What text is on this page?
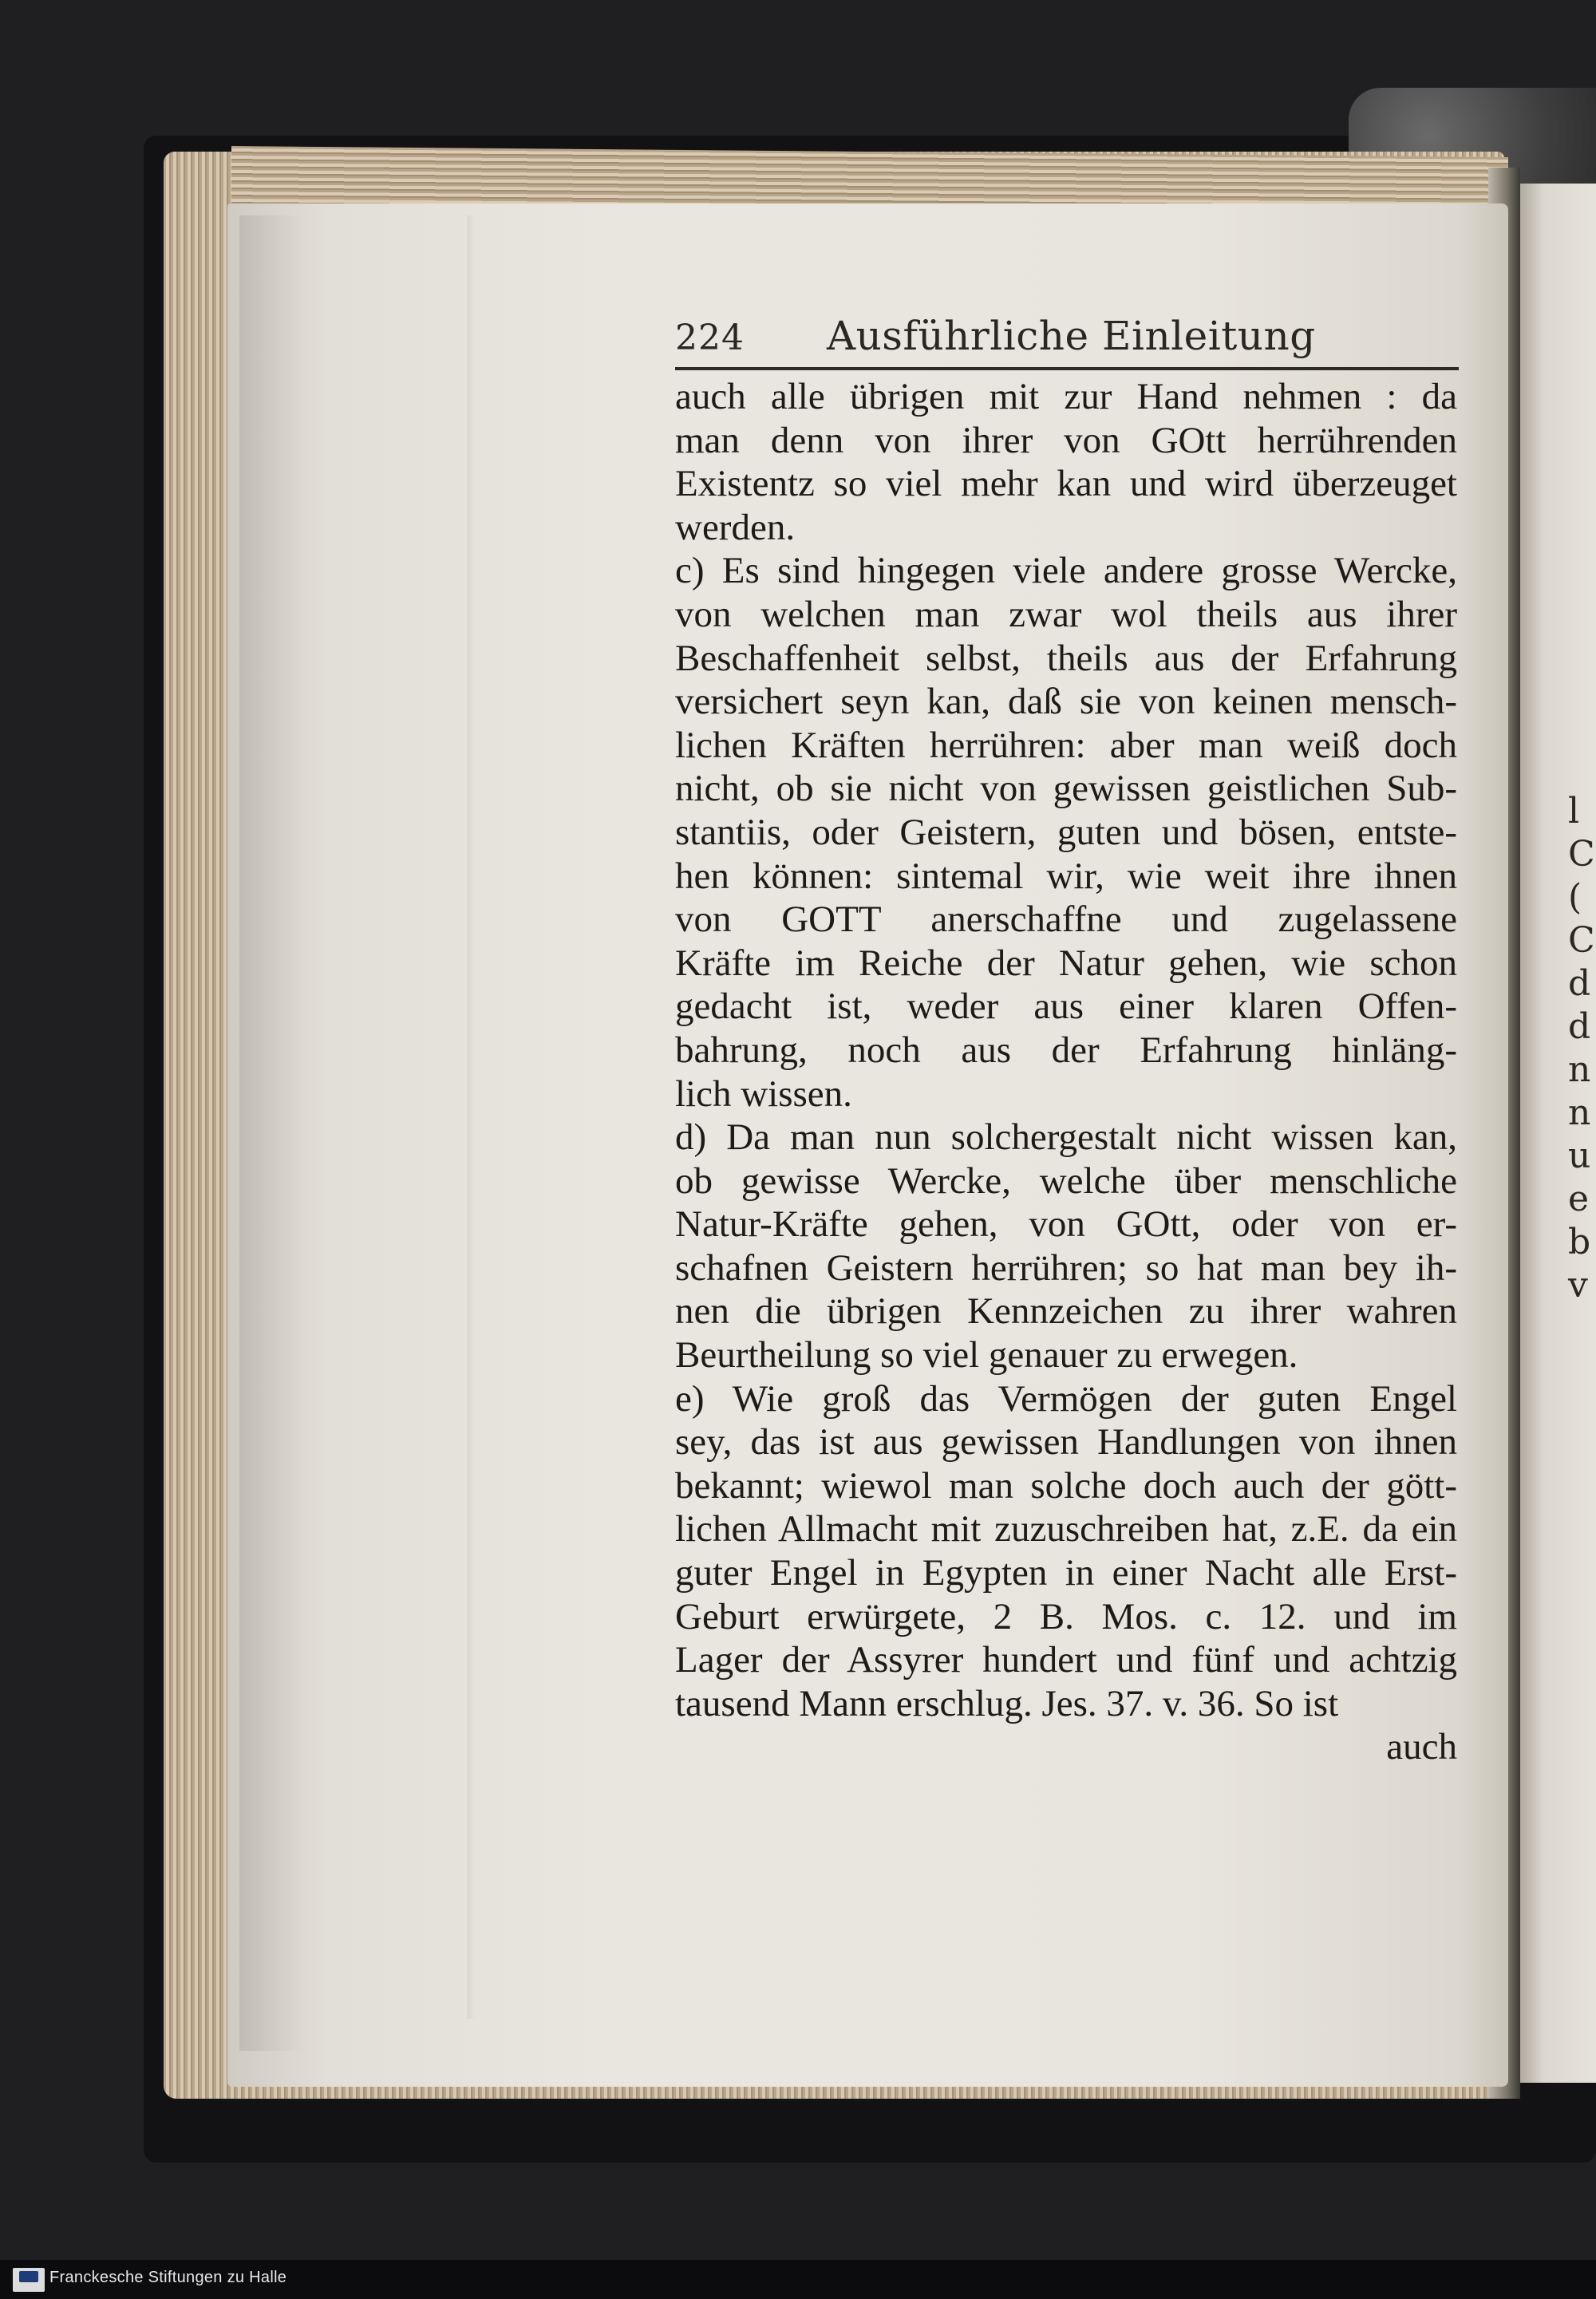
l
C
(
C
d
d
n
n
u
e
b
v
224 Ausführliche Einleitung
auch alle übrigen mit zur Hand nehmen : da
man denn von ihrer von GOtt herrührenden
Existentz so viel mehr kan und wird überzeuget
werden.
c) Es sind hingegen viele andere grosse Wercke,
von welchen man zwar wol theils aus ihrer
Beschaffenheit selbst, theils aus der Erfahrung
versichert seyn kan, daß sie von keinen mensch-
lichen Kräften herrühren: aber man weiß doch
nicht, ob sie nicht von gewissen geistlichen Sub-
stantiis, oder Geistern, guten und bösen, entste-
hen können: sintemal wir, wie weit ihre ihnen
von GOTT anerschaffne und zugelassene
Kräfte im Reiche der Natur gehen, wie schon
gedacht ist, weder aus einer klaren Offen-
bahrung, noch aus der Erfahrung hinläng-
lich wissen.
d) Da man nun solchergestalt nicht wissen kan,
ob gewisse Wercke, welche über menschliche
Natur-Kräfte gehen, von GOtt, oder von er-
schafnen Geistern herrühren; so hat man bey ih-
nen die übrigen Kennzeichen zu ihrer wahren
Beurtheilung so viel genauer zu erwegen.
e) Wie groß das Vermögen der guten Engel
sey, das ist aus gewissen Handlungen von ihnen
bekannt; wiewol man solche doch auch der gött-
lichen Allmacht mit zuzuschreiben hat, z.E. da ein
guter Engel in Egypten in einer Nacht alle Erst-
Geburt erwürgete, 2 B. Mos. c. 12. und im
Lager der Assyrer hundert und fünf und achtzig
tausend Mann erschlug. Jes. 37. v. 36. So ist
auch
Franckesche Stiftungen zu Halle
